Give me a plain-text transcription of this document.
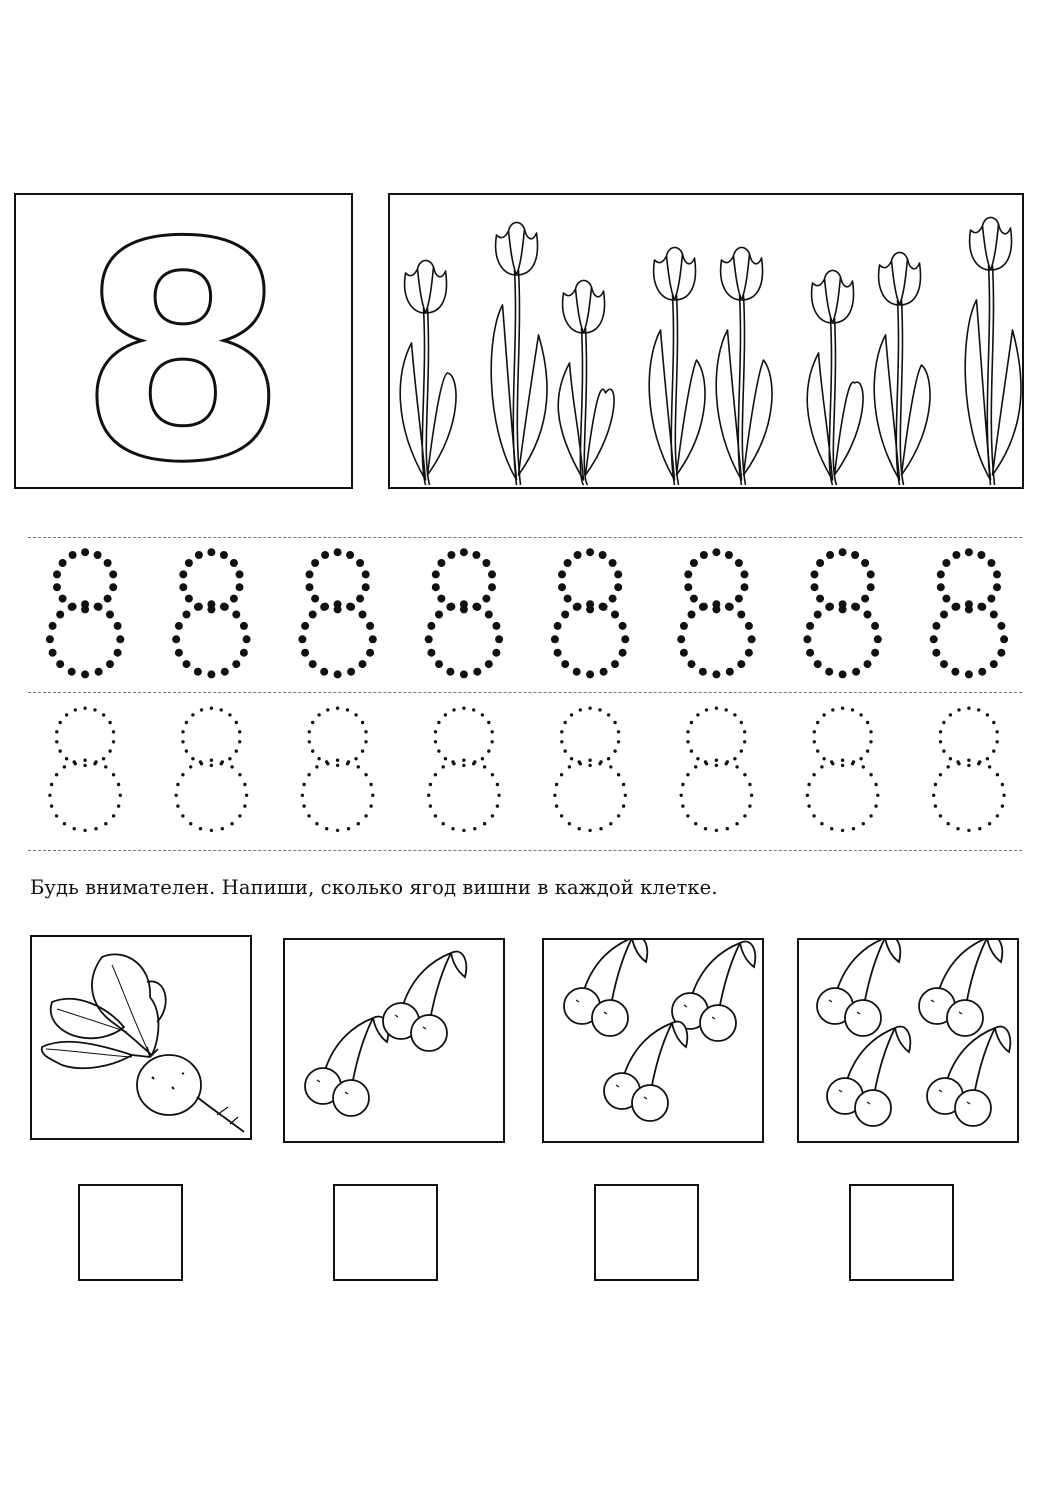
8
Будь внимателен. Напиши, сколько ягод вишни в каждой клетке.
